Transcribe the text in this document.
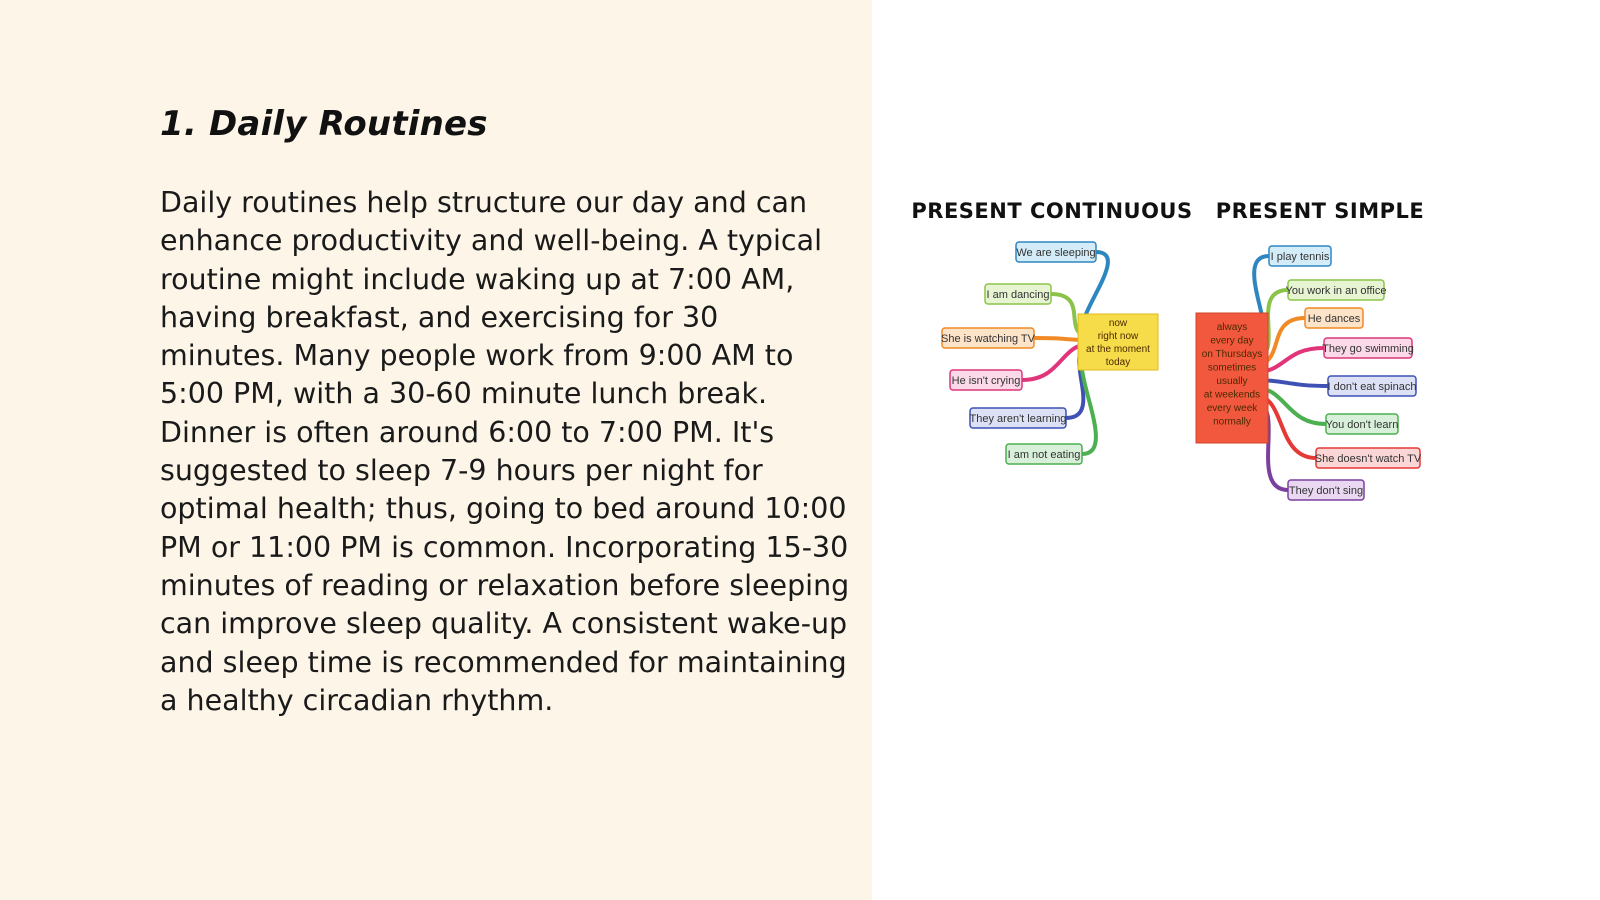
1. Daily Routines

Daily routines help structure our day and can enhance productivity and well-being. A typical routine might include waking up at 7:00 AM, having breakfast, and exercising for 30 minutes. Many people work from 9:00 AM to 5:00 PM, with a 30-60 minute lunch break. Dinner is often around 6:00 to 7:00 PM. It's suggested to sleep 7-9 hours per night for optimal health; thus, going to bed around 10:00 PM or 11:00 PM is common. Incorporating 15-30 minutes of reading or relaxation before sleeping can improve sleep quality. A consistent wake-up and sleep time is recommended for maintaining a healthy circadian rhythm.

PRESENT CONTINUOUS PRESENT SIMPLE
now
right now
at the moment
today
We are sleeping
I am dancing
She is watching TV
He isn't crying
They aren't learning
I am not eating
always
every day
on Thursdays
sometimes
usually
at weekends
every week
normally
I play tennis
You work in an office
He dances
They go swimming
I don't eat spinach
You don't learn
She doesn't watch TV
They don't sing
